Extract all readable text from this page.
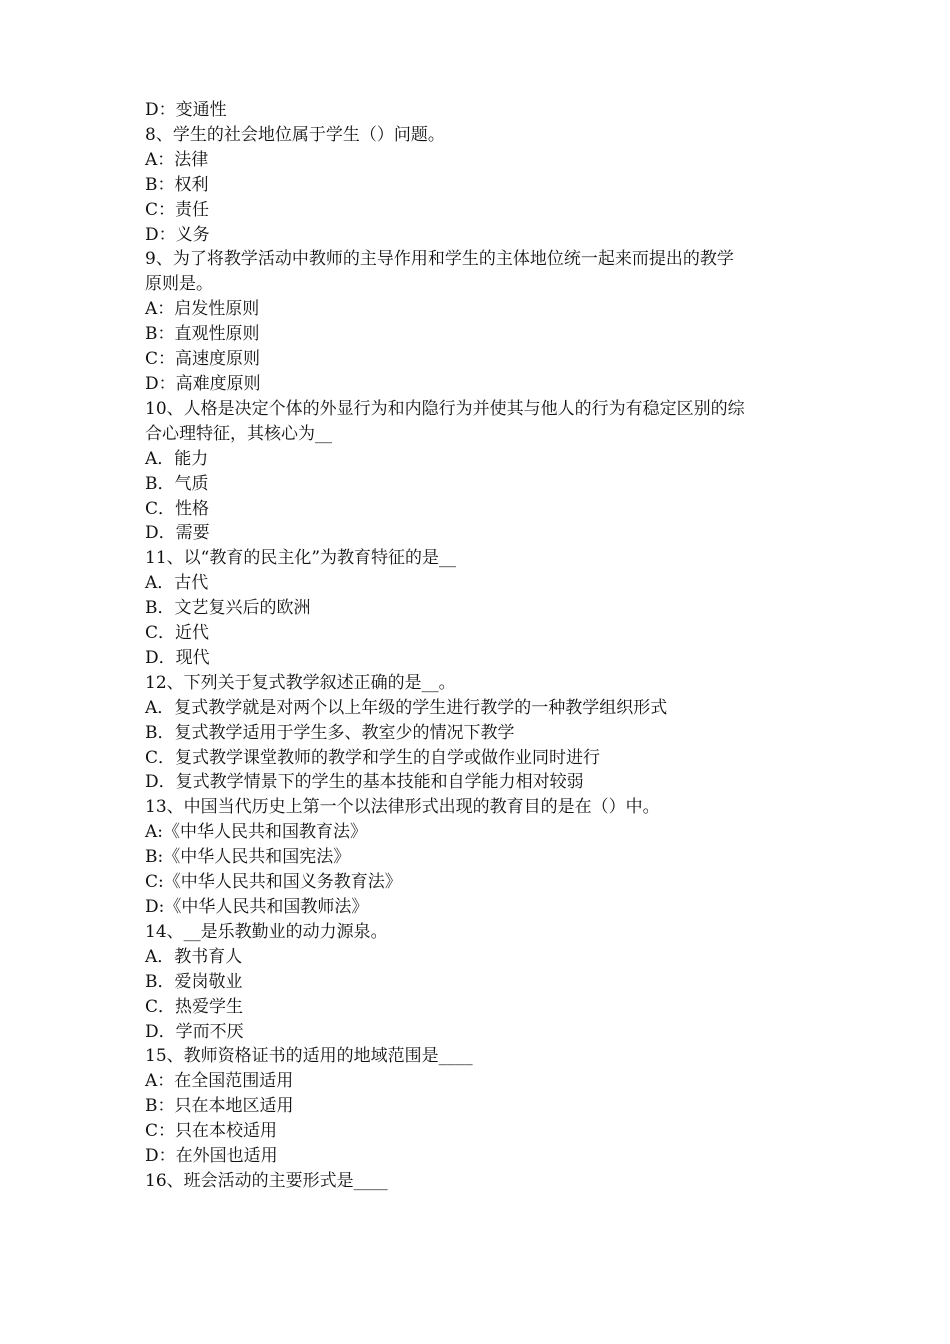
D：变通性

8、学生的社会地位属于学生（）问题。

A：法律

B：权利

C：责任

D：义务

9、为了将教学活动中教师的主导作用和学生的主体地位统一起来而提出的教学

原则是。

A：启发性原则

B：直观性原则

C：高速度原则

D：高难度原则

10、人格是决定个体的外显行为和内隐行为并使其与他人的行为有稳定区别的综

合心理特征，其核心为__

A．能力

B．气质

C．性格

D．需要

11、以“教育的民主化”为教育特征的是__

A．古代

B．文艺复兴后的欧洲

C．近代

D．现代

12、下列关于复式教学叙述正确的是__。

A．复式教学就是对两个以上年级的学生进行教学的一种教学组织形式

B．复式教学适用于学生多、教室少的情况下教学

C．复式教学课堂教师的教学和学生的自学或做作业同时进行

D．复式教学情景下的学生的基本技能和自学能力相对较弱

13、中国当代历史上第一个以法律形式出现的教育目的是在（）中。

A:《中华人民共和国教育法》

B:《中华人民共和国宪法》

C:《中华人民共和国义务教育法》

D:《中华人民共和国教师法》

14、__是乐教勤业的动力源泉。

A．教书育人

B．爱岗敬业

C．热爱学生

D．学而不厌

15、教师资格证书的适用的地域范围是____

A：在全国范围适用

B：只在本地区适用

C：只在本校适用

D：在外国也适用

16、班会活动的主要形式是____
